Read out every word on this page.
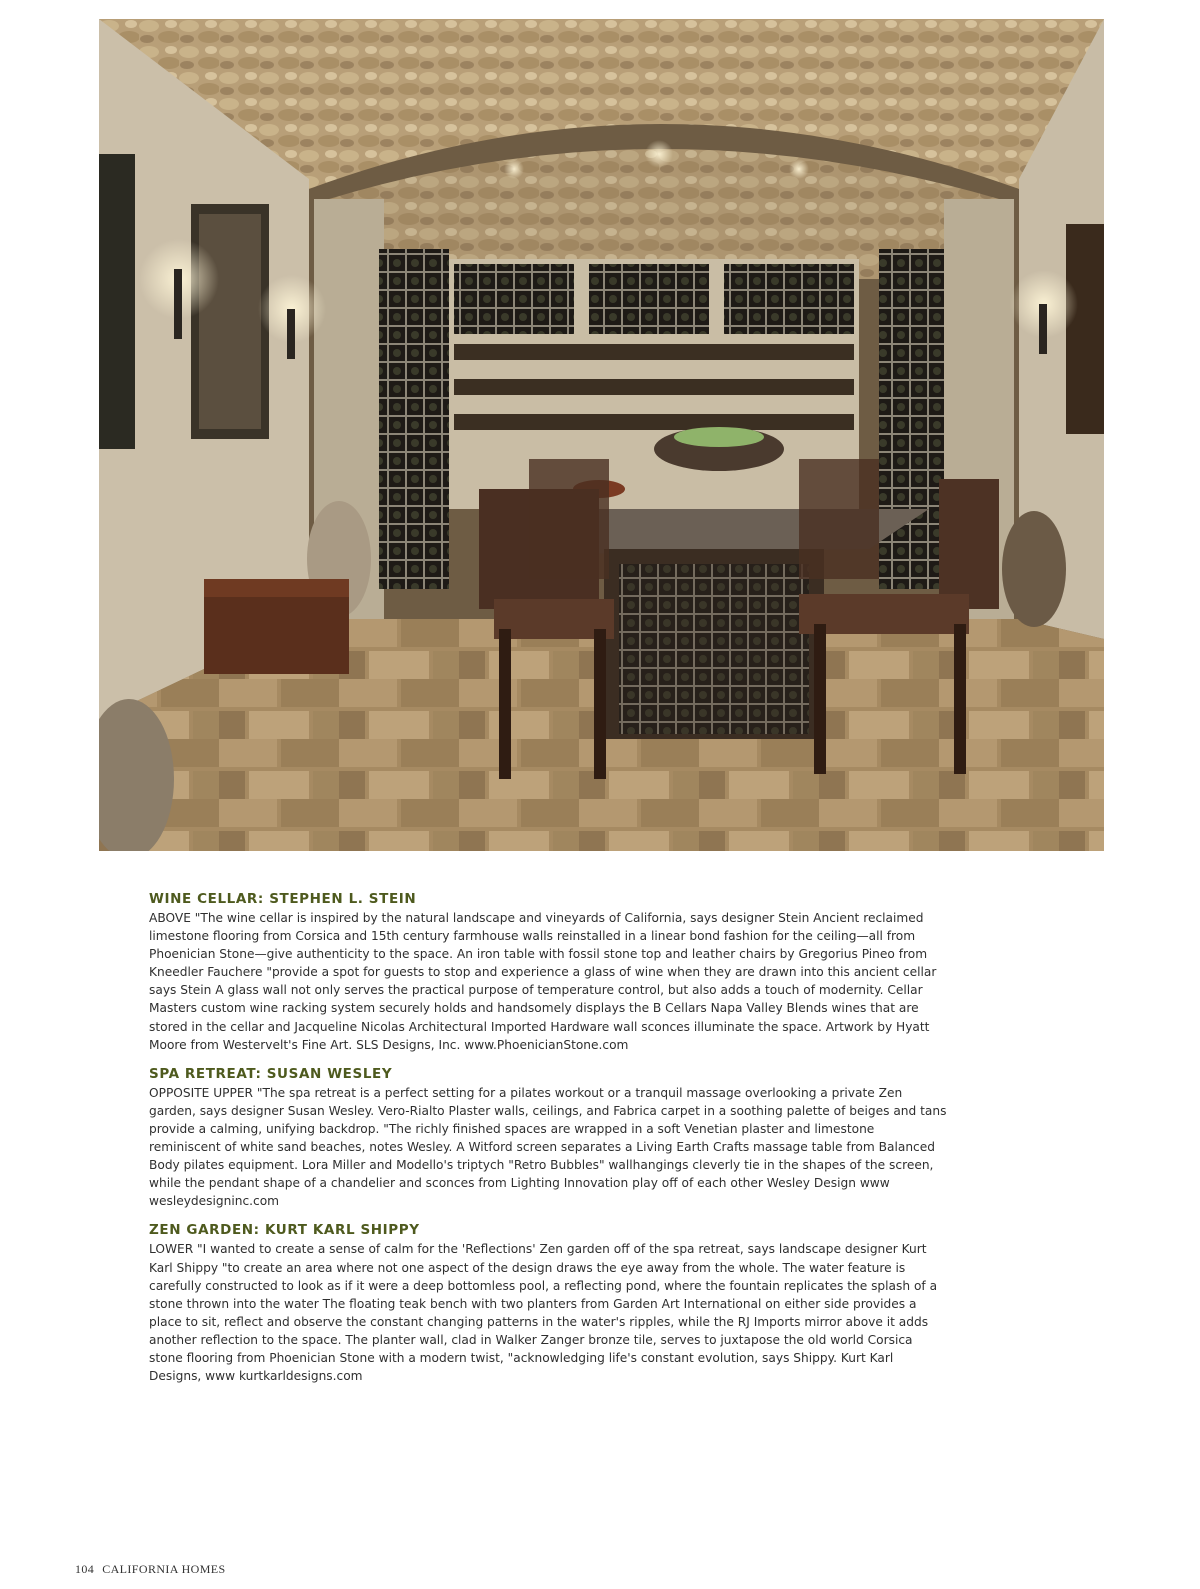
WINE CELLAR: STEPHEN L. STEIN

ABOVE "The wine cellar is inspired by the natural landscape and vineyards of California, says designer Stein Ancient reclaimed limestone flooring from Corsica and 15th century farmhouse walls reinstalled in a linear bond fashion for the ceiling—all from Phoenician Stone—give authenticity to the space. An iron table with fossil stone top and leather chairs by Gregorius Pineo from Kneedler Fauchere "provide a spot for guests to stop and experience a glass of wine when they are drawn into this ancient cellar says Stein A glass wall not only serves the practical purpose of temperature control, but also adds a touch of modernity. Cellar Masters custom wine racking system securely holds and handsomely displays the B Cellars Napa Valley Blends wines that are stored in the cellar and Jacqueline Nicolas Architectural Imported Hardware wall sconces illuminate the space. Artwork by Hyatt Moore from Westervelt's Fine Art. SLS Designs, Inc. www.PhoenicianStone.com

SPA RETREAT: SUSAN WESLEY

OPPOSITE UPPER "The spa retreat is a perfect setting for a pilates workout or a tranquil massage overlooking a private Zen garden, says designer Susan Wesley. Vero-Rialto Plaster walls, ceilings, and Fabrica carpet in a soothing palette of beiges and tans provide a calming, unifying backdrop. "The richly finished spaces are wrapped in a soft Venetian plaster and limestone reminiscent of white sand beaches, notes Wesley. A Witford screen separates a Living Earth Crafts massage table from Balanced Body pilates equipment. Lora Miller and Modello's triptych "Retro Bubbles" wallhangings cleverly tie in the shapes of the screen, while the pendant shape of a chandelier and sconces from Lighting Innovation play off of each other Wesley Design www wesleydesigninc.com

ZEN GARDEN: KURT KARL SHIPPY

LOWER "I wanted to create a sense of calm for the 'Reflections' Zen garden off of the spa retreat, says landscape designer Kurt Karl Shippy "to create an area where not one aspect of the design draws the eye away from the whole. The water feature is carefully constructed to look as if it were a deep bottomless pool, a reflecting pond, where the fountain replicates the splash of a stone thrown into the water The floating teak bench with two planters from Garden Art International on either side provides a place to sit, reflect and observe the constant changing patterns in the water's ripples, while the RJ Imports mirror above it adds another reflection to the space. The planter wall, clad in Walker Zanger bronze tile, serves to juxtapose the old world Corsica stone flooring from Phoenician Stone with a modern twist, "acknowledging life's constant evolution, says Shippy. Kurt Karl Designs, www kurtkarldesigns.com

104 CALIFORNIA HOMES
